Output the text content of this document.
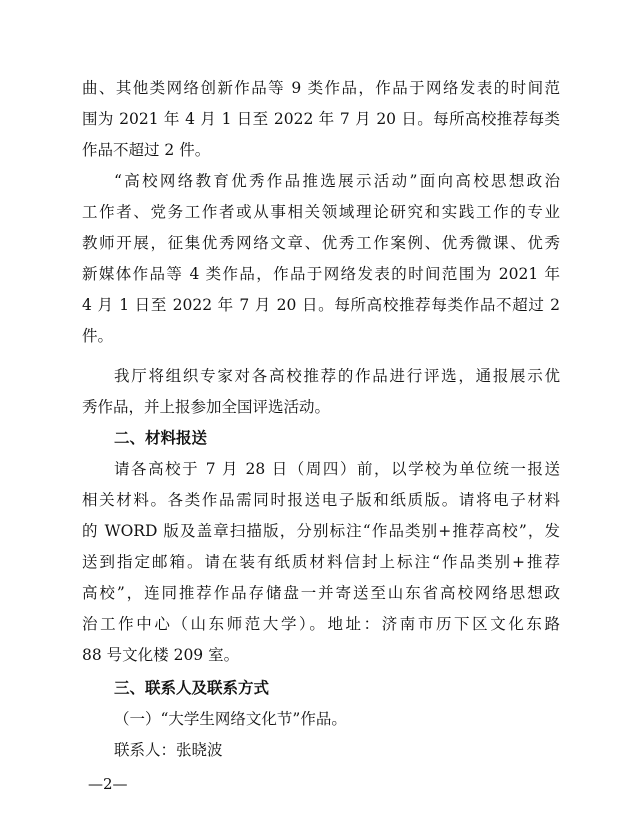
曲、其他类网络创新作品等 9 类作品，作品于网络发表的时间范
围为 2021 年 4 月 1 日至 2022 年 7 月 20 日。每所高校推荐每类
作品不超过 2 件。
“高校网络教育优秀作品推选展示活动”面向高校思想政治
工作者、党务工作者或从事相关领域理论研究和实践工作的专业
教师开展，征集优秀网络文章、优秀工作案例、优秀微课、优秀
新媒体作品等 4 类作品，作品于网络发表的时间范围为 2021 年
4 月 1 日至 2022 年 7 月 20 日。每所高校推荐每类作品不超过 2
件。
我厅将组织专家对各高校推荐的作品进行评选，通报展示优
秀作品，并上报参加全国评选活动。
二、材料报送
请各高校于 7 月 28 日（周四）前，以学校为单位统一报送
相关材料。各类作品需同时报送电子版和纸质版。请将电子材料
的 WORD 版及盖章扫描版，分别标注“作品类别+推荐高校”，发
送到指定邮箱。请在装有纸质材料信封上标注“作品类别+推荐
高校”，连同推荐作品存储盘一并寄送至山东省高校网络思想政
治工作中心（山东师范大学）。地址：济南市历下区文化东路
88 号文化楼 209 室。
三、联系人及联系方式
（一）“大学生网络文化节”作品。
联系人：张晓波
—2—
